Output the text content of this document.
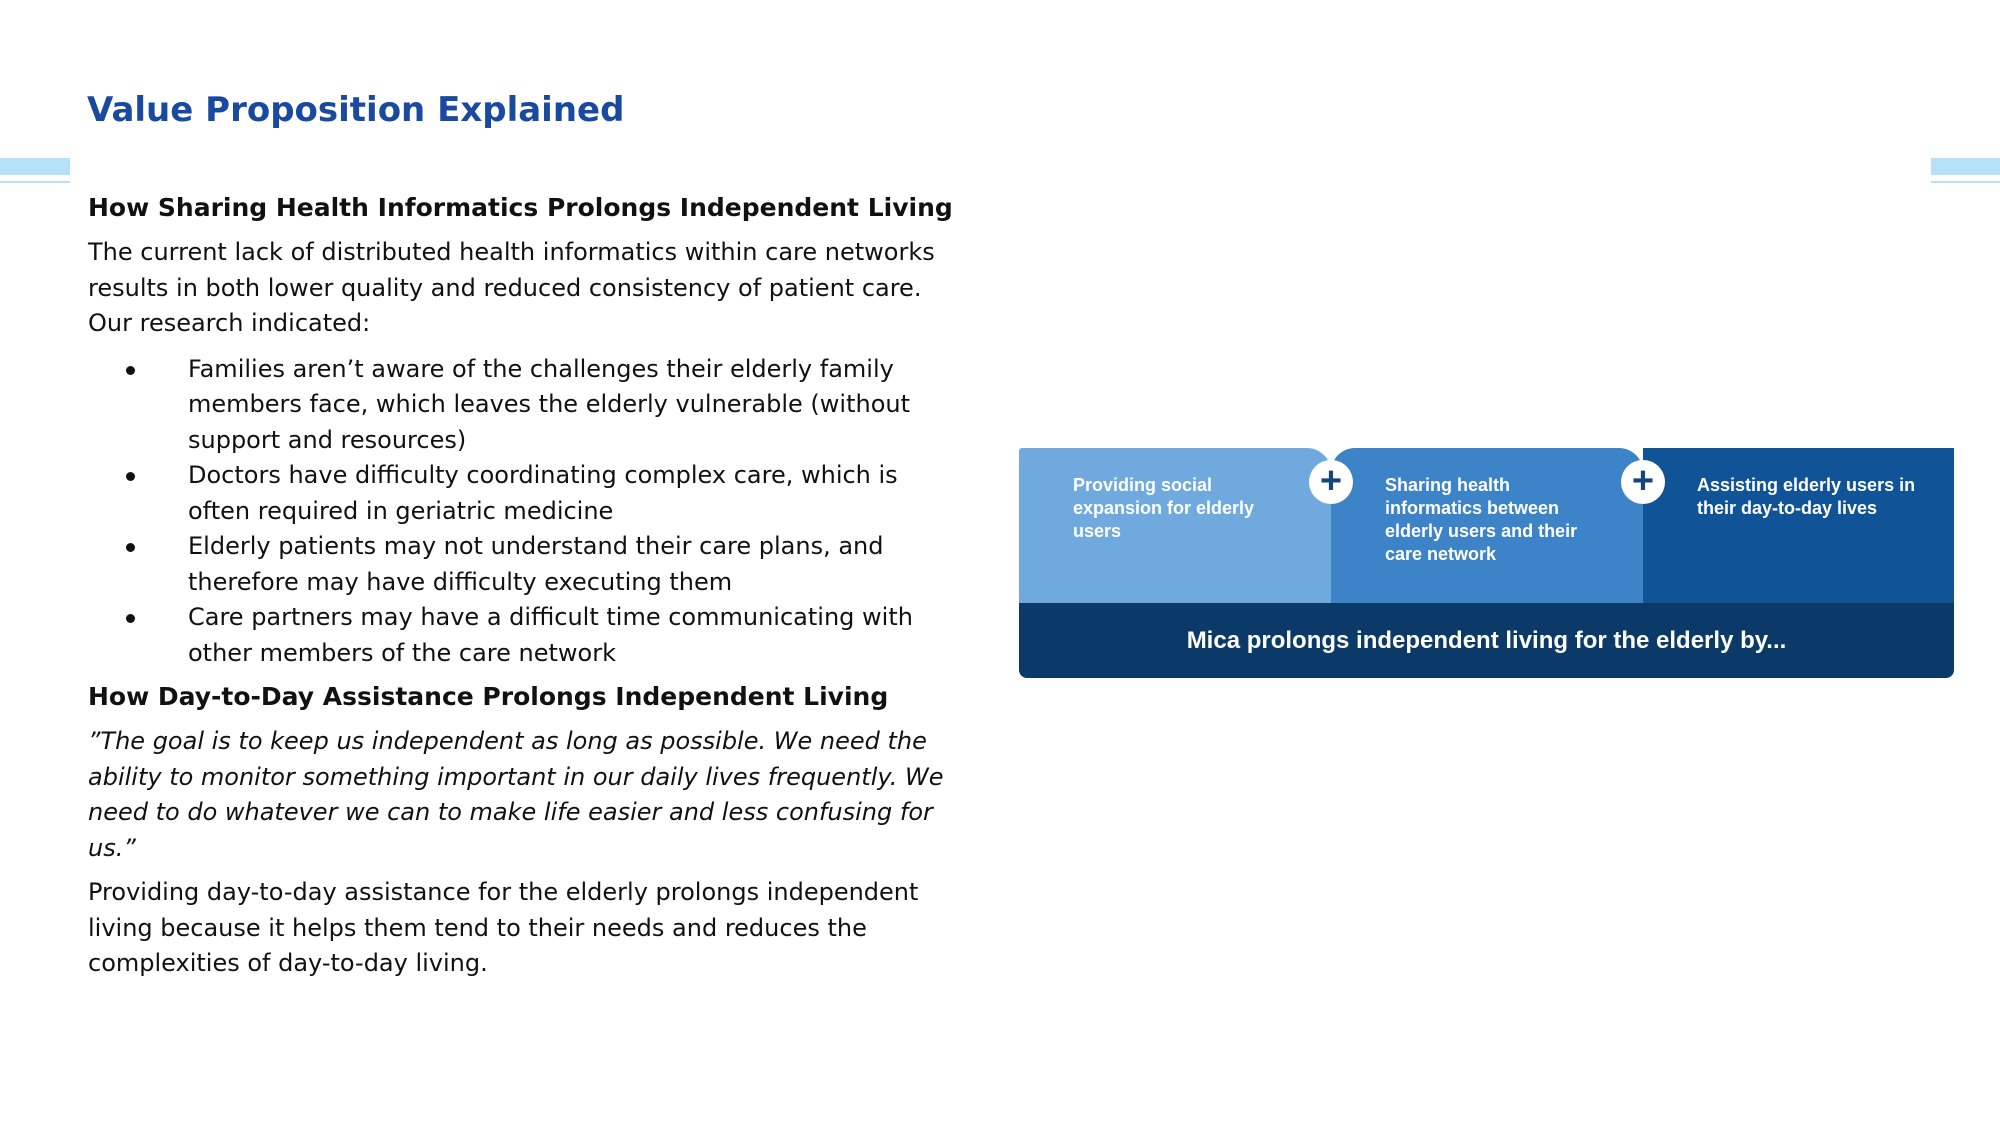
Value Proposition Explained
How Sharing Health Informatics Prolongs Independent Living

The current lack of distributed health informatics within care networks results in both lower quality and reduced consistency of patient care. Our research indicated:

Families aren’t aware of the challenges their elderly family members face, which leaves the elderly vulnerable (without support and resources)
Doctors have difficulty coordinating complex care, which is often required in geriatric medicine
Elderly patients may not understand their care plans, and therefore may have difficulty executing them
Care partners may have a difficult time communicating with other members of the care network
How Day-to-Day Assistance Prolongs Independent Living

”The goal is to keep us independent as long as possible. We need the ability to monitor something important in our daily lives frequently. We need to do whatever we can to make life easier and less confusing for us.”

Providing day-to-day assistance for the elderly prolongs independent living because it helps them tend to their needs and reduces the complexities of day-to-day living.

Providing social expansion for elderly users
Sharing health informatics between elderly users and their care network
Assisting elderly users in their day-to-day lives
+	+
Mica prolongs independent living for the elderly by...
